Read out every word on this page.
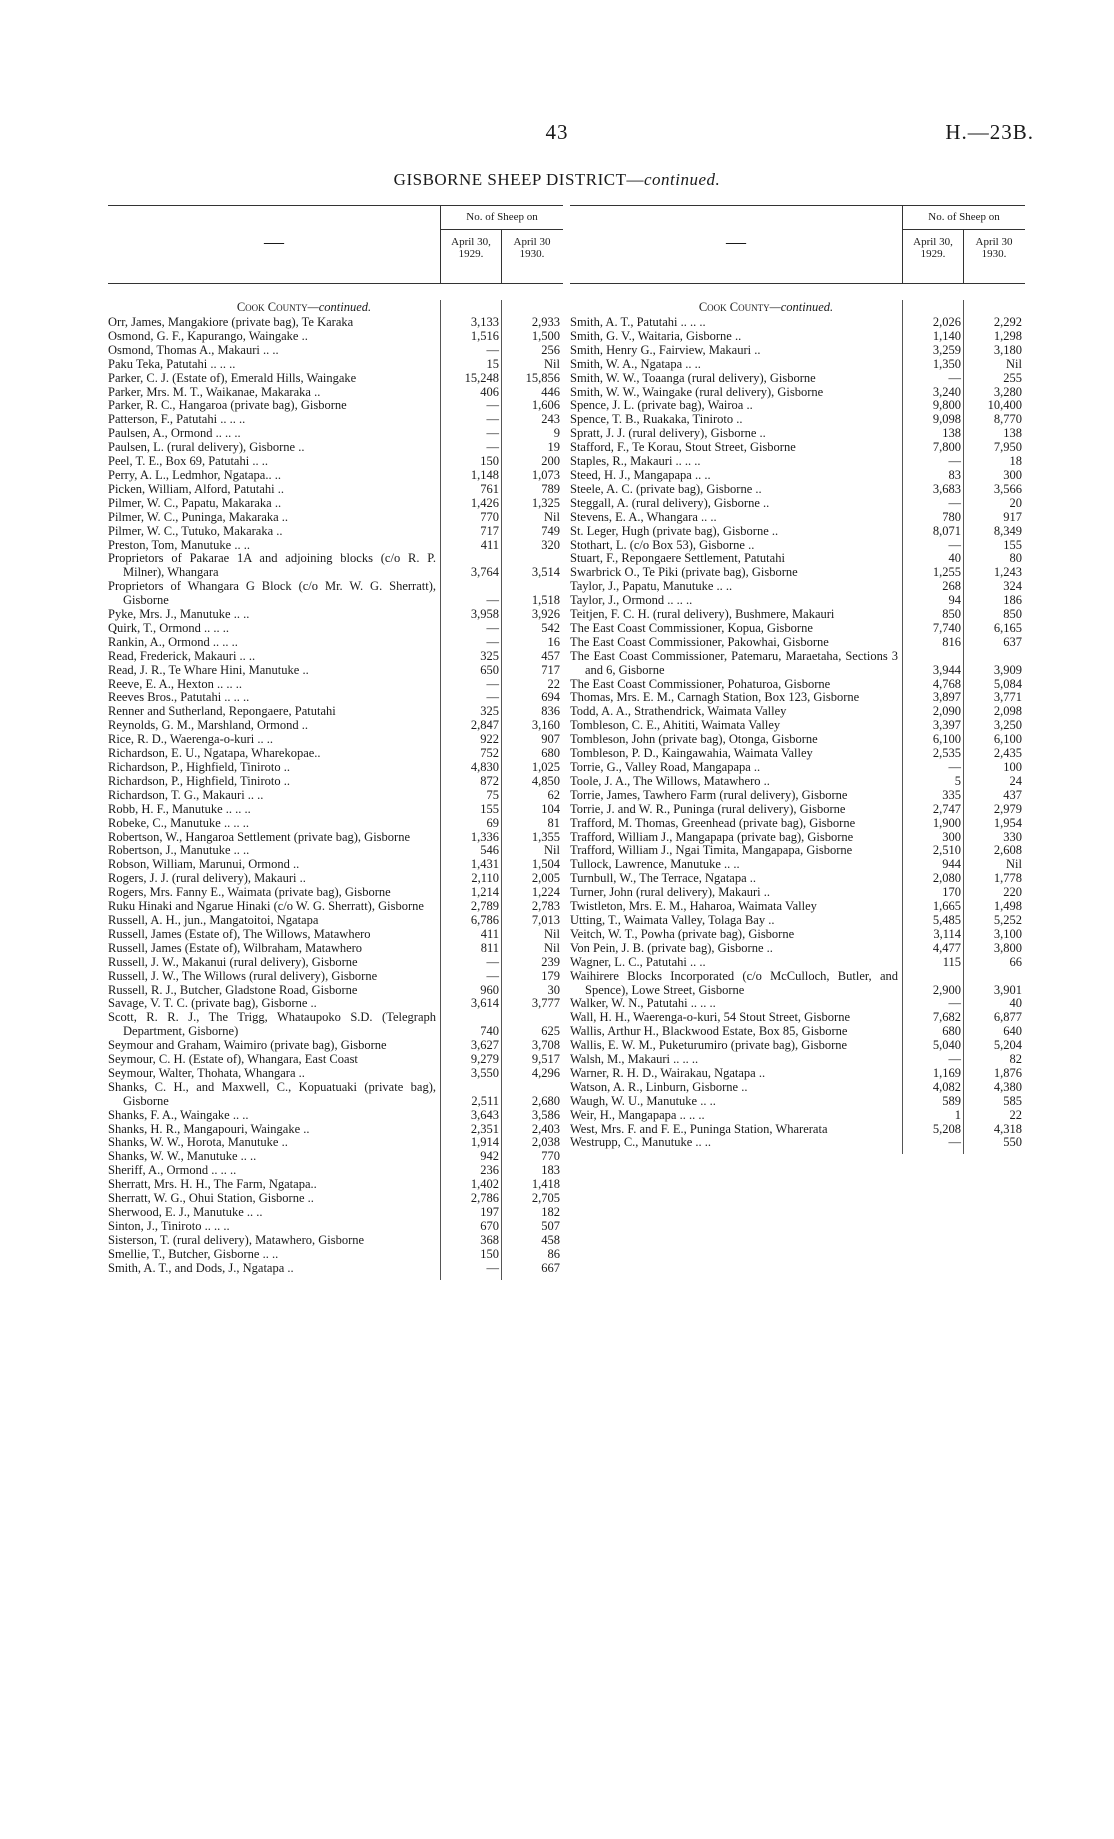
43	H.—23B.
GISBORNE SHEEP DISTRICT—continued.
—
No. of Sheep on
April 30,
1929.
April 30
1930.
Cook County—continued.
Orr, James, Mangakiore (private bag), Te Karaka	3,133	2,933
Osmond, G. F., Kapurango, Waingake ..	1,516	1,500
Osmond, Thomas A., Makauri .. ..	—	256
Paku Teka, Patutahi .. .. ..	15	Nil
Parker, C. J. (Estate of), Emerald Hills, Waingake	15,248	15,856
Parker, Mrs. M. T., Waikanae, Makaraka ..	406	446
Parker, R. C., Hangaroa (private bag), Gisborne	—	1,606
Patterson, F., Patutahi .. .. ..	—	243
Paulsen, A., Ormond .. .. ..	—	9
Paulsen, L. (rural delivery), Gisborne ..	—	19
Peel, T. E., Box 69, Patutahi .. ..	150	200
Perry, A. L., Ledmhor, Ngatapa.. ..	1,148	1,073
Picken, William, Alford, Patutahi ..	761	789
Pilmer, W. C., Papatu, Makaraka ..	1,426	1,325
Pilmer, W. C., Puninga, Makaraka ..	770	Nil
Pilmer, W. C., Tutuko, Makaraka ..	717	749
Preston, Tom, Manutuke .. ..	411	320
Proprietors of Pakarae 1A and adjoining blocks (c/o R. P. Milner), Whangara	3,764	3,514
Proprietors of Whangara G Block (c/o Mr. W. G. Sherratt), Gisborne	—	1,518
Pyke, Mrs. J., Manutuke .. ..	3,958	3,926
Quirk, T., Ormond .. .. ..	—	542
Rankin, A., Ormond .. .. ..	—	16
Read, Frederick, Makauri .. ..	325	457
Read, J. R., Te Whare Hini, Manutuke ..	650	717
Reeve, E. A., Hexton .. .. ..	—	22
Reeves Bros., Patutahi .. .. ..	—	694
Renner and Sutherland, Repongaere, Patutahi	325	836
Reynolds, G. M., Marshland, Ormond ..	2,847	3,160
Rice, R. D., Waerenga-o-kuri .. ..	922	907
Richardson, E. U., Ngatapa, Wharekopae..	752	680
Richardson, P., Highfield, Tiniroto ..	4,830	1,025
Richardson, P., Highfield, Tiniroto ..	872	4,850
Richardson, T. G., Makauri .. ..	75	62
Robb, H. F., Manutuke .. .. ..	155	104
Robeke, C., Manutuke .. .. ..	69	81
Robertson, W., Hangaroa Settlement (private bag), Gisborne	1,336	1,355
Robertson, J., Manutuke .. ..	546	Nil
Robson, William, Marunui, Ormond ..	1,431	1,504
Rogers, J. J. (rural delivery), Makauri ..	2,110	2,005
Rogers, Mrs. Fanny E., Waimata (private bag), Gisborne	1,214	1,224
Ruku Hinaki and Ngarue Hinaki (c/o W. G. Sherratt), Gisborne	2,789	2,783
Russell, A. H., jun., Mangatoitoi, Ngatapa	6,786	7,013
Russell, James (Estate of), The Willows, Matawhero	411	Nil
Russell, James (Estate of), Wilbraham, Matawhero	811	Nil
Russell, J. W., Makanui (rural delivery), Gisborne	—	239
Russell, J. W., The Willows (rural delivery), Gisborne	—	179
Russell, R. J., Butcher, Gladstone Road, Gisborne	960	30
Savage, V. T. C. (private bag), Gisborne ..	3,614	3,777
Scott, R. R. J., The Trigg, Whataupoko S.D. (Telegraph Department, Gisborne)	740	625
Seymour and Graham, Waimiro (private bag), Gisborne	3,627	3,708
Seymour, C. H. (Estate of), Whangara, East Coast	9,279	9,517
Seymour, Walter, Thohata, Whangara ..	3,550	4,296
Shanks, C. H., and Maxwell, C., Kopuatuaki (private bag), Gisborne	2,511	2,680
Shanks, F. A., Waingake .. ..	3,643	3,586
Shanks, H. R., Mangapouri, Waingake ..	2,351	2,403
Shanks, W. W., Horota, Manutuke ..	1,914	2,038
Shanks, W. W., Manutuke .. ..	942	770
Sheriff, A., Ormond .. .. ..	236	183
Sherratt, Mrs. H. H., The Farm, Ngatapa..	1,402	1,418
Sherratt, W. G., Ohui Station, Gisborne ..	2,786	2,705
Sherwood, E. J., Manutuke .. ..	197	182
Sinton, J., Tiniroto .. .. ..	670	507
Sisterson, T. (rural delivery), Matawhero, Gisborne	368	458
Smellie, T., Butcher, Gisborne .. ..	150	86
Smith, A. T., and Dods, J., Ngatapa ..	—	667
—
No. of Sheep on
April 30,
1929.
April 30
1930.
Cook County—continued.
Smith, A. T., Patutahi .. .. ..	2,026	2,292
Smith, G. V., Waitaria, Gisborne ..	1,140	1,298
Smith, Henry G., Fairview, Makauri ..	3,259	3,180
Smith, W. A., Ngatapa .. ..	1,350	Nil
Smith, W. W., Toaanga (rural delivery), Gisborne	—	255
Smith, W. W., Waingake (rural delivery), Gisborne	3,240	3,280
Spence, J. L. (private bag), Wairoa ..	9,800	10,400
Spence, T. B., Ruakaka, Tiniroto ..	9,098	8,770
Spratt, J. J. (rural delivery), Gisborne ..	138	138
Stafford, F., Te Korau, Stout Street, Gisborne	7,800	7,950
Staples, R., Makauri .. .. ..	—	18
Steed, H. J., Mangapapa .. ..	83	300
Steele, A. C. (private bag), Gisborne ..	3,683	3,566
Steggall, A. (rural delivery), Gisborne ..	—	20
Stevens, E. A., Whangara .. ..	780	917
St. Leger, Hugh (private bag), Gisborne ..	8,071	8,349
Stothart, L. (c/o Box 53), Gisborne ..	—	155
Stuart, F., Repongaere Settlement, Patutahi	40	80
Swarbrick O., Te Piki (private bag), Gisborne	1,255	1,243
Taylor, J., Papatu, Manutuke .. ..	268	324
Taylor, J., Ormond .. .. ..	94	186
Teitjen, F. C. H. (rural delivery), Bushmere, Makauri	850	850
The East Coast Commissioner, Kopua, Gisborne	7,740	6,165
The East Coast Commissioner, Pakowhai, Gisborne	816	637
The East Coast Commissioner, Patemaru, Maraetaha, Sections 3 and 6, Gisborne	3,944	3,909
The East Coast Commissioner, Pohaturoa, Gisborne	4,768	5,084
Thomas, Mrs. E. M., Carnagh Station, Box 123, Gisborne	3,897	3,771
Todd, A. A., Strathendrick, Waimata Valley	2,090	2,098
Tombleson, C. E., Ahititi, Waimata Valley	3,397	3,250
Tombleson, John (private bag), Otonga, Gisborne	6,100	6,100
Tombleson, P. D., Kaingawahia, Waimata Valley	2,535	2,435
Torrie, G., Valley Road, Mangapapa ..	—	100
Toole, J. A., The Willows, Matawhero ..	5	24
Torrie, James, Tawhero Farm (rural delivery), Gisborne	335	437
Torrie, J. and W. R., Puninga (rural delivery), Gisborne	2,747	2,979
Trafford, M. Thomas, Greenhead (private bag), Gisborne	1,900	1,954
Trafford, William J., Mangapapa (private bag), Gisborne	300	330
Trafford, William J., Ngai Timita, Mangapapa, Gisborne	2,510	2,608
Tullock, Lawrence, Manutuke .. ..	944	Nil
Turnbull, W., The Terrace, Ngatapa ..	2,080	1,778
Turner, John (rural delivery), Makauri ..	170	220
Twistleton, Mrs. E. M., Haharoa, Waimata Valley	1,665	1,498
Utting, T., Waimata Valley, Tolaga Bay ..	5,485	5,252
Veitch, W. T., Powha (private bag), Gisborne	3,114	3,100
Von Pein, J. B. (private bag), Gisborne ..	4,477	3,800
Wagner, L. C., Patutahi .. ..	115	66
Waihirere Blocks Incorporated (c/o McCulloch, Butler, and Spence), Lowe Street, Gisborne	2,900	3,901
Walker, W. N., Patutahi .. .. ..	—	40
Wall, H. H., Waerenga-o-kuri, 54 Stout Street, Gisborne	7,682	6,877
Wallis, Arthur H., Blackwood Estate, Box 85, Gisborne	680	640
Wallis, E. W. M., Puketurumiro (private bag), Gisborne	5,040	5,204
Walsh, M., Makauri .. .. ..	—	82
Warner, R. H. D., Wairakau, Ngatapa ..	1,169	1,876
Watson, A. R., Linburn, Gisborne ..	4,082	4,380
Waugh, W. U., Manutuke .. ..	589	585
Weir, H., Mangapapa .. .. ..	1	22
West, Mrs. F. and F. E., Puninga Station, Wharerata	5,208	4,318
Westrupp, C., Manutuke .. ..	—	550
